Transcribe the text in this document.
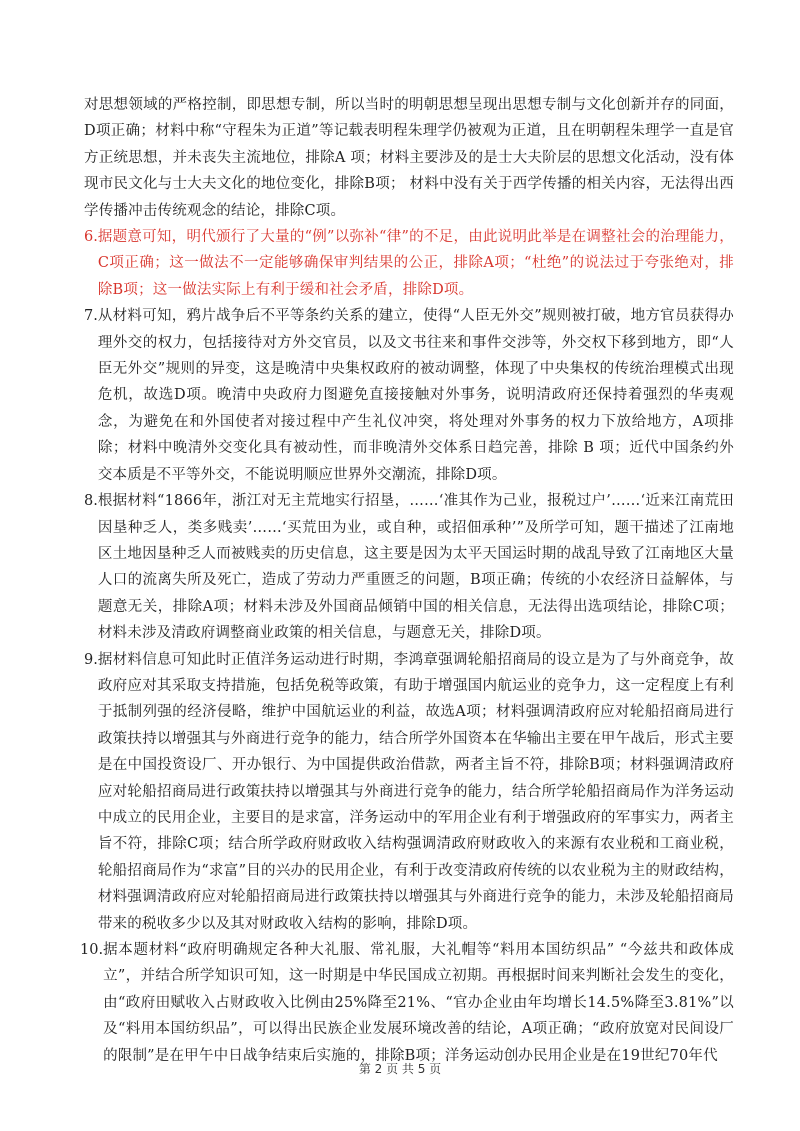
对思想领域的严格控制，即思想专制，所以当时的明朝思想呈现出思想专制与文化创新并存的同面，D项正确；材料中称“守程朱为正道”等记载表明程朱理学仍被观为正道，且在明朝程朱理学一直是官方正统思想，并未丧失主流地位，排除A 项；材料主要涉及的是士大夫阶层的思想文化活动，没有体现市民文化与士大夫文化的地位变化，排除B项； 材料中没有关于西学传播的相关内容，无法得出西学传播冲击传统观念的结论，排除C项。

6. 据题意可知，明代颁行了大量的“例”以弥补“律”的不足，由此说明此举是在调整社会的治理能力，C项正确；这一做法不一定能够确保审判结果的公正，排除A项；“杜绝”的说法过于夸张绝对，排除B项；这一做法实际上有利于缓和社会矛盾，排除D项。

7. 从材料可知，鸦片战争后不平等条约关系的建立，使得“人臣无外交”规则被打破，地方官员获得办理外交的权力，包括接待对方外交官员，以及文书往来和事件交涉等，外交权下移到地方，即“人臣无外交”规则的异变，这是晚清中央集权政府的被动调整，体现了中央集权的传统治理模式出现危机，故选D项。晚清中央政府力图避免直接接触对外事务，说明清政府还保持着强烈的华夷观念，为避免在和外国使者对接过程中产生礼仪冲突，将处理对外事务的权力下放给地方，A项排除；材料中晚清外交变化具有被动性，而非晚清外交体系日趋完善，排除 B 项；近代中国条约外交本质是不平等外交，不能说明顺应世界外交潮流，排除D项。

8. 根据材料“1866年，浙江对无主荒地实行招垦，……‘准其作为己业，报税过户’……‘近来江南荒田因垦种乏人，类多贱卖’……‘买荒田为业，或自种，或招佃承种’”及所学可知，题干描述了江南地区土地因垦种乏人而被贱卖的历史信息，这主要是因为太平天国运时期的战乱导致了江南地区大量人口的流离失所及死亡，造成了劳动力严重匮乏的问题，B项正确；传统的小农经济日益解体，与题意无关，排除A项；材料未涉及外国商品倾销中国的相关信息，无法得出选项结论，排除C项；材料未涉及清政府调整商业政策的相关信息，与题意无关，排除D项。

9. 据材料信息可知此时正值洋务运动进行时期，李鸿章强调轮船招商局的设立是为了与外商竞争，故政府应对其采取支持措施，包括免税等政策，有助于增强国内航运业的竞争力，这一定程度上有利于抵制列强的经济侵略，维护中国航运业的利益，故选A项；材料强调清政府应对轮船招商局进行政策扶持以增强其与外商进行竞争的能力，结合所学外国资本在华输出主要在甲午战后，形式主要是在中国投资设厂、开办银行、为中国提供政治借款，两者主旨不符，排除B项；材料强调清政府应对轮船招商局进行政策扶持以增强其与外商进行竞争的能力，结合所学轮船招商局作为洋务运动中成立的民用企业，主要目的是求富，洋务运动中的军用企业有利于增强政府的军事实力，两者主旨不符，排除C项；结合所学政府财政收入结构强调清政府财政收入的来源有农业税和工商业税，轮船招商局作为“求富”目的兴办的民用企业，有利于改变清政府传统的以农业税为主的财政结构，材料强调清政府应对轮船招商局进行政策扶持以增强其与外商进行竞争的能力，未涉及轮船招商局带来的税收多少以及其对财政收入结构的影响，排除D项。

10. 据本题材料“政府明确规定各种大礼服、常礼服，大礼帽等“料用本国纺织品” “今兹共和政体成立”，并结合所学知识可知，这一时期是中华民国成立初期。再根据时间来判断社会发生的变化，由“政府田赋收入占财政收入比例由25%降至21%、“官办企业由年均增长14.5%降至3.81%”以及“料用本国纺织品”，可以得出民族企业发展环境改善的结论，A项正确；“政府放宽对民间设厂的限制”是在甲午中日战争结束后实施的，排除B项；洋务运动创办民用企业是在19世纪70年代

第 2 页 共 5 页
